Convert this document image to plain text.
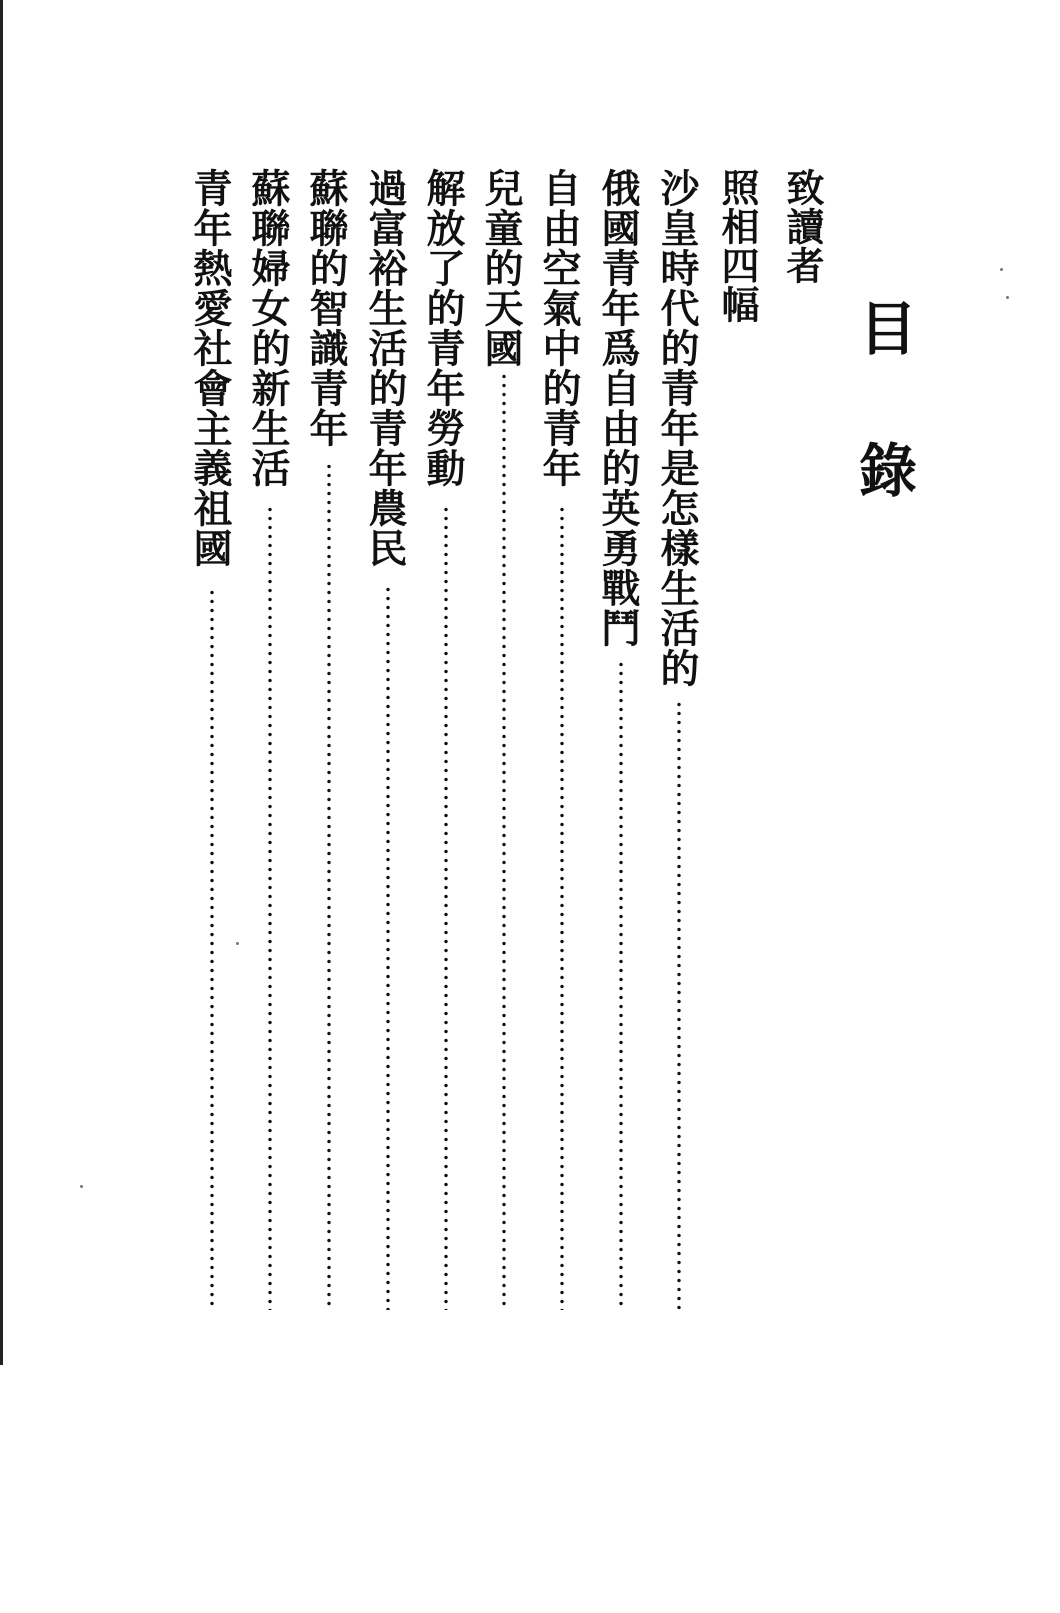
目
錄
致讀者
照相四幅
沙皇時代的青年是怎樣生活的
俄國青年爲自由的英勇戰鬥
自由空氣中的青年
兒童的天國
解放了的青年勞動
過富裕生活的青年農民
蘇聯的智識青年
蘇聯婦女的新生活
青年熱愛社會主義祖國
